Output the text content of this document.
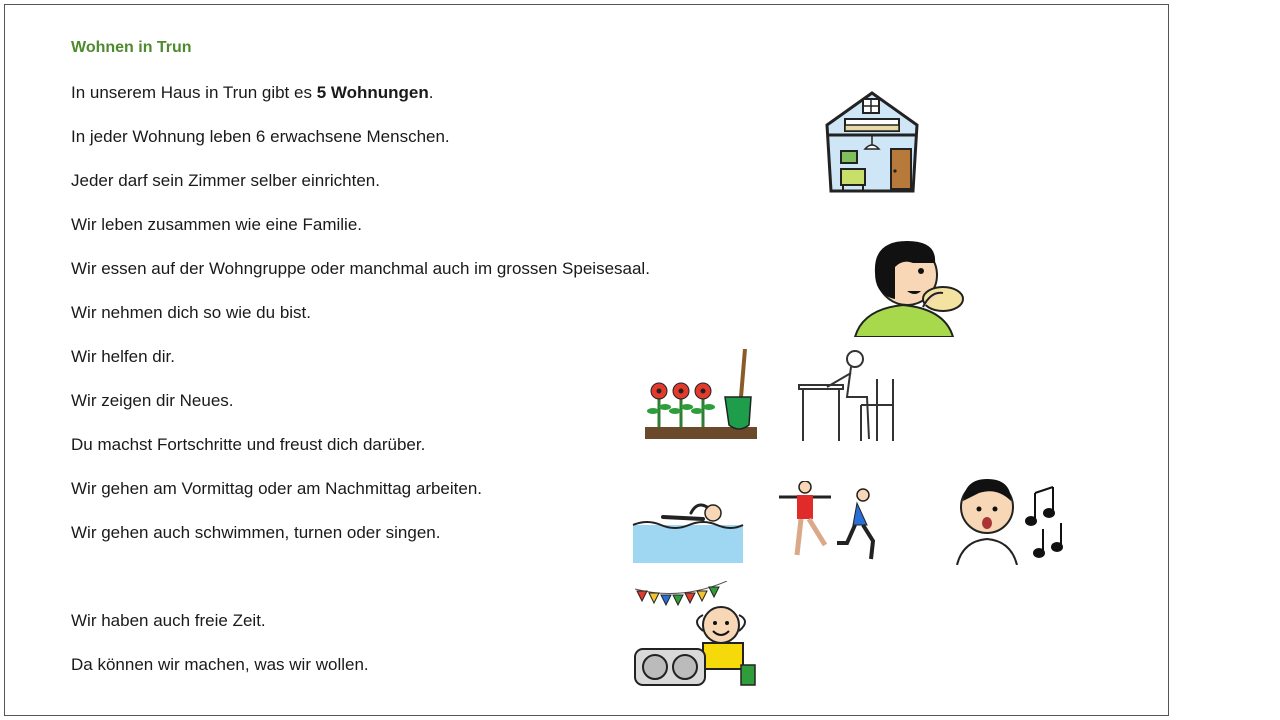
Wohnen in Trun
In unserem Haus in Trun gibt es 5 Wohnungen.
In jeder Wohnung leben 6 erwachsene Menschen.
Jeder darf sein Zimmer selber einrichten.
Wir leben zusammen wie eine Familie.
Wir essen auf der Wohngruppe oder manchmal auch im grossen Speisesaal.
Wir nehmen dich so wie du bist.
Wir helfen dir.
Wir zeigen dir Neues.
Du machst Fortschritte und freust dich darüber.
Wir gehen am Vormittag oder am Nachmittag arbeiten.
Wir gehen auch schwimmen, turnen oder singen.
Wir haben auch freie Zeit.
Da können wir machen, was wir wollen.
